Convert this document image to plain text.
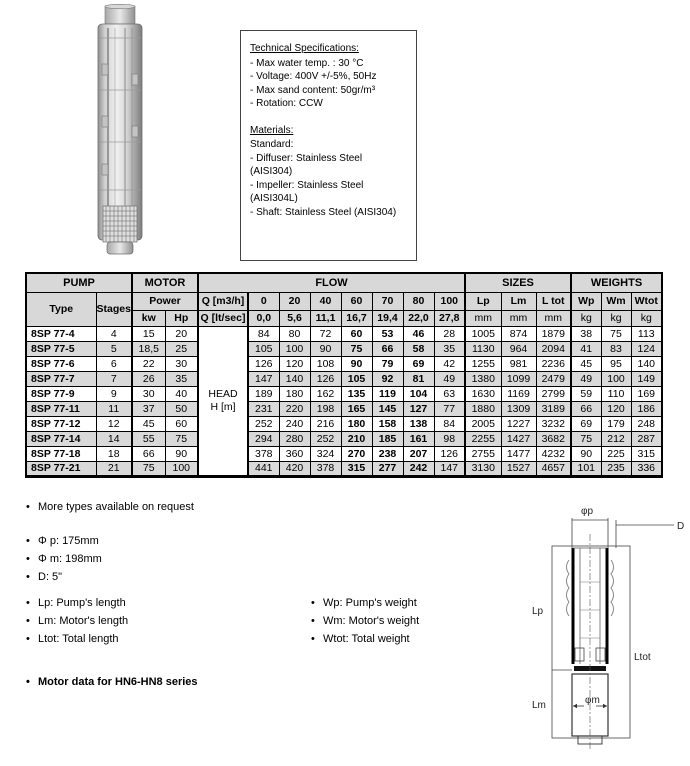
Technical Specifications:
- Max water temp. : 30 °C
- Voltage: 400V +/-5%, 50Hz
- Max sand content: 50gr/m³
- Rotation: CCW
Materials:
Standard:
- Diffuser: Stainless Steel (AISI304)
- Impeller: Stainless Steel (AISI304L)
- Shaft: Stainless Steel (AISI304)
PUMP		MOTOR		FLOW								SIZES			WEIGHTS		
Type	Stages	Power		Q [m3/h]	0	20	40	60	70	80	100	Lp	Lm	L tot	Wp	Wm	Wtot
		kw	Hp	Q [lt/sec]	0,0	5,6	11,1	16,7	19,4	22,0	27,8	mm	mm	mm	kg	kg	kg
8SP 77-4	4	15	20	HEAD
H [m]	84	80	72	60	53	46	28	1005	874	1879	38	75	113
8SP 77-5	5	18,5	25		105	100	90	75	66	58	35	1130	964	2094	41	83	124
8SP 77-6	6	22	30		126	120	108	90	79	69	42	1255	981	2236	45	95	140
8SP 77-7	7	26	35		147	140	126	105	92	81	49	1380	1099	2479	49	100	149
8SP 77-9	9	30	40		189	180	162	135	119	104	63	1630	1169	2799	59	110	169
8SP 77-11	11	37	50		231	220	198	165	145	127	77	1880	1309	3189	66	120	186
8SP 77-12	12	45	60		252	240	216	180	158	138	84	2005	1227	3232	69	179	248
8SP 77-14	14	55	75		294	280	252	210	185	161	98	2255	1427	3682	75	212	287
8SP 77-18	18	66	90		378	360	324	270	238	207	126	2755	1477	4232	90	225	315
8SP 77-21	21	75	100		441	420	378	315	277	242	147	3130	1527	4657	101	235	336
• More types available on request
• Φ p: 175mm
• Φ m: 198mm
• D: 5"
• Lp: Pump's length
• Lm: Motor's length
• Ltot: Total length
• Wp: Pump's weight
• Wm: Motor's weight
• Wtot: Total weight
• Motor data for HN6-HN8 series
φp
D
Lp
Ltot
Lm	φm
